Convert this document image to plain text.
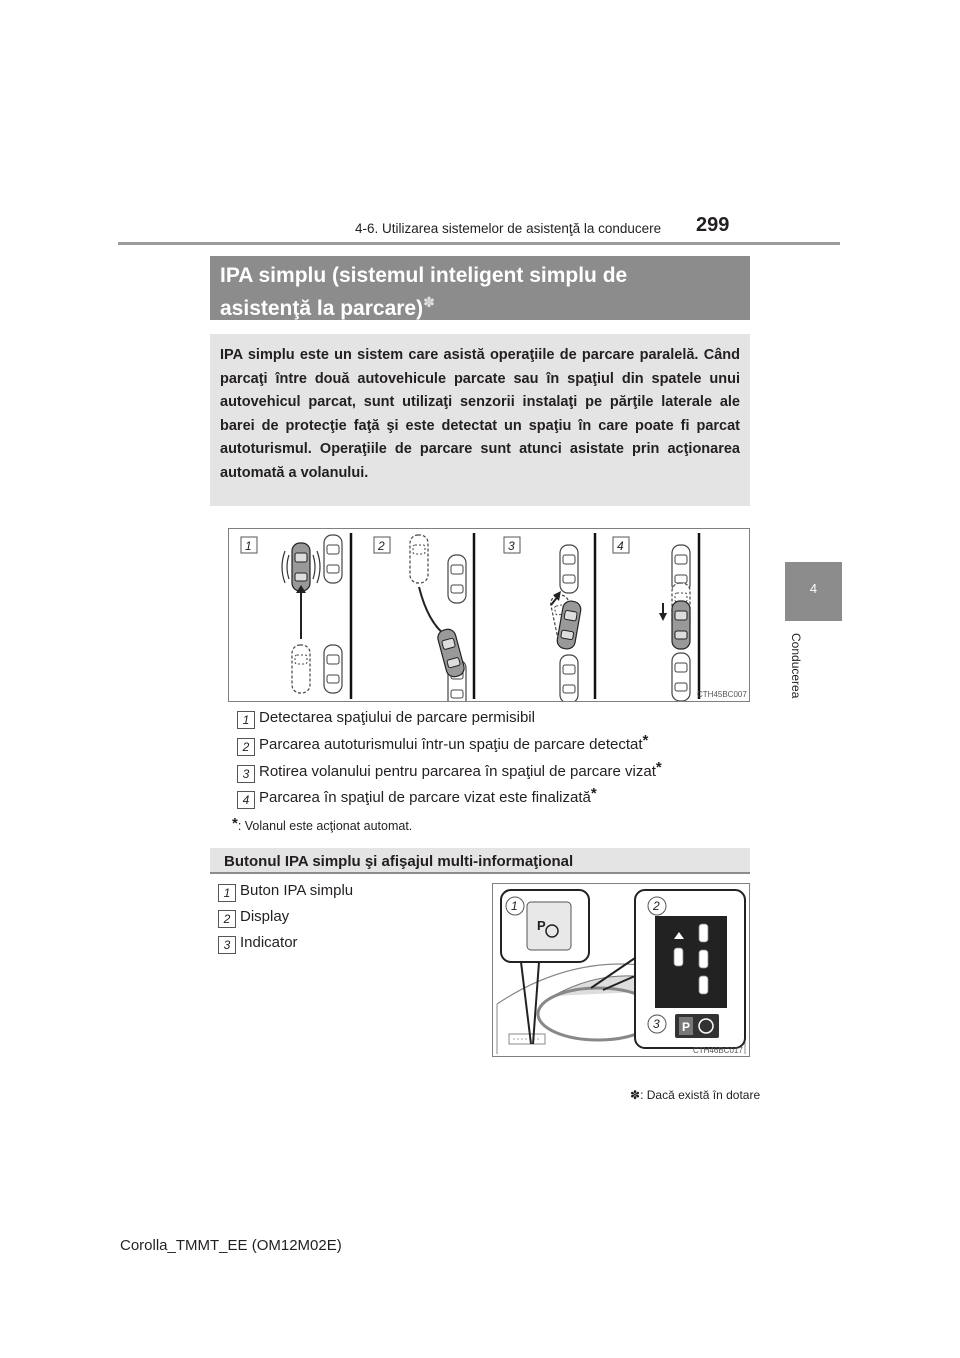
4-6. Utilizarea sistemelor de asistenţă la conducere 299
4
Conducerea
IPA simplu (sistemul inteligent simplu de
asistenţă la parcare)✽
IPA simplu este un sistem care asistă operaţiile de parcare paralelă. Când parcaţi între două autovehicule parcate sau în spaţiul din spatele unui autovehicul parcat, sunt utilizaţi senzorii instalaţi pe părţile laterale ale barei de protecţie faţă şi este detectat un spaţiu în care poate fi parcat autoturismul. Operaţiile de parcare sunt atunci asistate prin acţionarea automată a volanului.
1	2	3	4
CTH45BC007
1 Detectarea spaţiului de parcare permisibil
2 Parcarea autoturismului într-un spaţiu de parcare detectat*
3 Rotirea volanului pentru parcarea în spaţiul de parcare vizat*
4 Parcarea în spaţiul de parcare vizat este finalizată*
*: Volanul este acţionat automat.
Butonul IPA simplu şi afişajul multi-informaţional
1 Buton IPA simplu
2 Display
3 Indicator
P
P
1	2
3
CTH46BC017
✽: Dacă există în dotare
Corolla_TMMT_EE (OM12M02E)
